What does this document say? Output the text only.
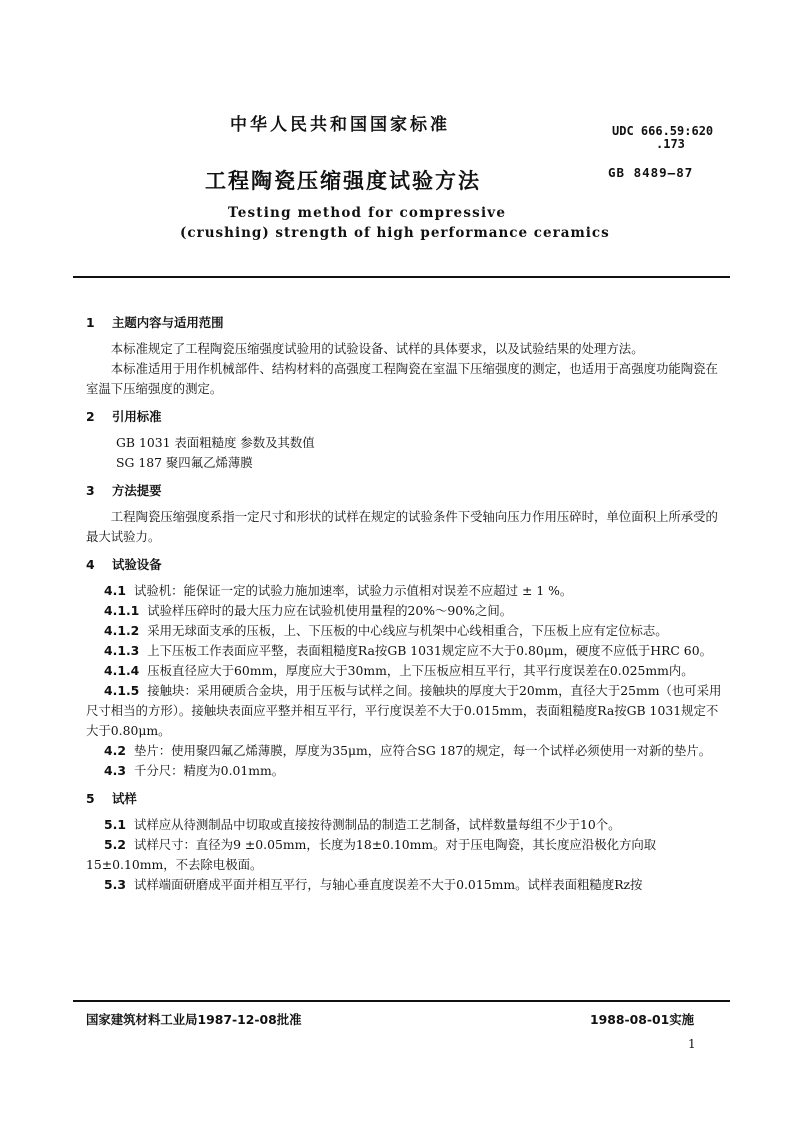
中华人民共和国国家标准	UDC 666.59:620
.173
工程陶瓷压缩强度试验方法	GB 8489—87
Testing method for compressive
(crushing) strength of high performance ceramics
1 主题内容与适用范围

本标准规定了工程陶瓷压缩强度试验用的试验设备、试样的具体要求，以及试验结果的处理方法。

本标准适用于用作机械部件、结构材料的高强度工程陶瓷在室温下压缩强度的测定，也适用于高强度功能陶瓷在室温下压缩强度的测定。

2 引用标准

GB 1031 表面粗糙度 参数及其数值

SG 187 聚四氟乙烯薄膜

3 方法提要

工程陶瓷压缩强度系指一定尺寸和形状的试样在规定的试验条件下受轴向压力作用压碎时，单位面积上所承受的最大试验力。

4 试验设备

4.1 试验机：能保证一定的试验力施加速率，试验力示值相对误差不应超过 ± 1 %。

4.1.1 试验样压碎时的最大压力应在试验机使用量程的20%～90%之间。

4.1.2 采用无球面支承的压板，上、下压板的中心线应与机架中心线相重合，下压板上应有定位标志。

4.1.3 上下压板工作表面应平整，表面粗糙度Ra按GB 1031规定应不大于0.80μm，硬度不应低于HRC 60。

4.1.4 压板直径应大于60mm，厚度应大于30mm，上下压板应相互平行，其平行度误差在0.025mm内。

4.1.5 接触块：采用硬质合金块，用于压板与试样之间。接触块的厚度大于20mm，直径大于25mm（也可采用尺寸相当的方形）。接触块表面应平整并相互平行，平行度误差不大于0.015mm，表面粗糙度Ra按GB 1031规定不大于0.80μm。

4.2 垫片：使用聚四氟乙烯薄膜，厚度为35μm，应符合SG 187的规定，每一个试样必须使用一对新的垫片。

4.3 千分尺：精度为0.01mm。

5 试样

5.1 试样应从待测制品中切取或直接按待测制品的制造工艺制备，试样数量每组不少于10个。

5.2 试样尺寸：直径为9 ±0.05mm，长度为18±0.10mm。对于压电陶瓷，其长度应沿极化方向取15±0.10mm，不去除电极面。

5.3 试样端面研磨成平面并相互平行，与轴心垂直度误差不大于0.015mm。试样表面粗糙度Rz按

国家建筑材料工业局1987-12-08批准	1988-08-01实施
1
